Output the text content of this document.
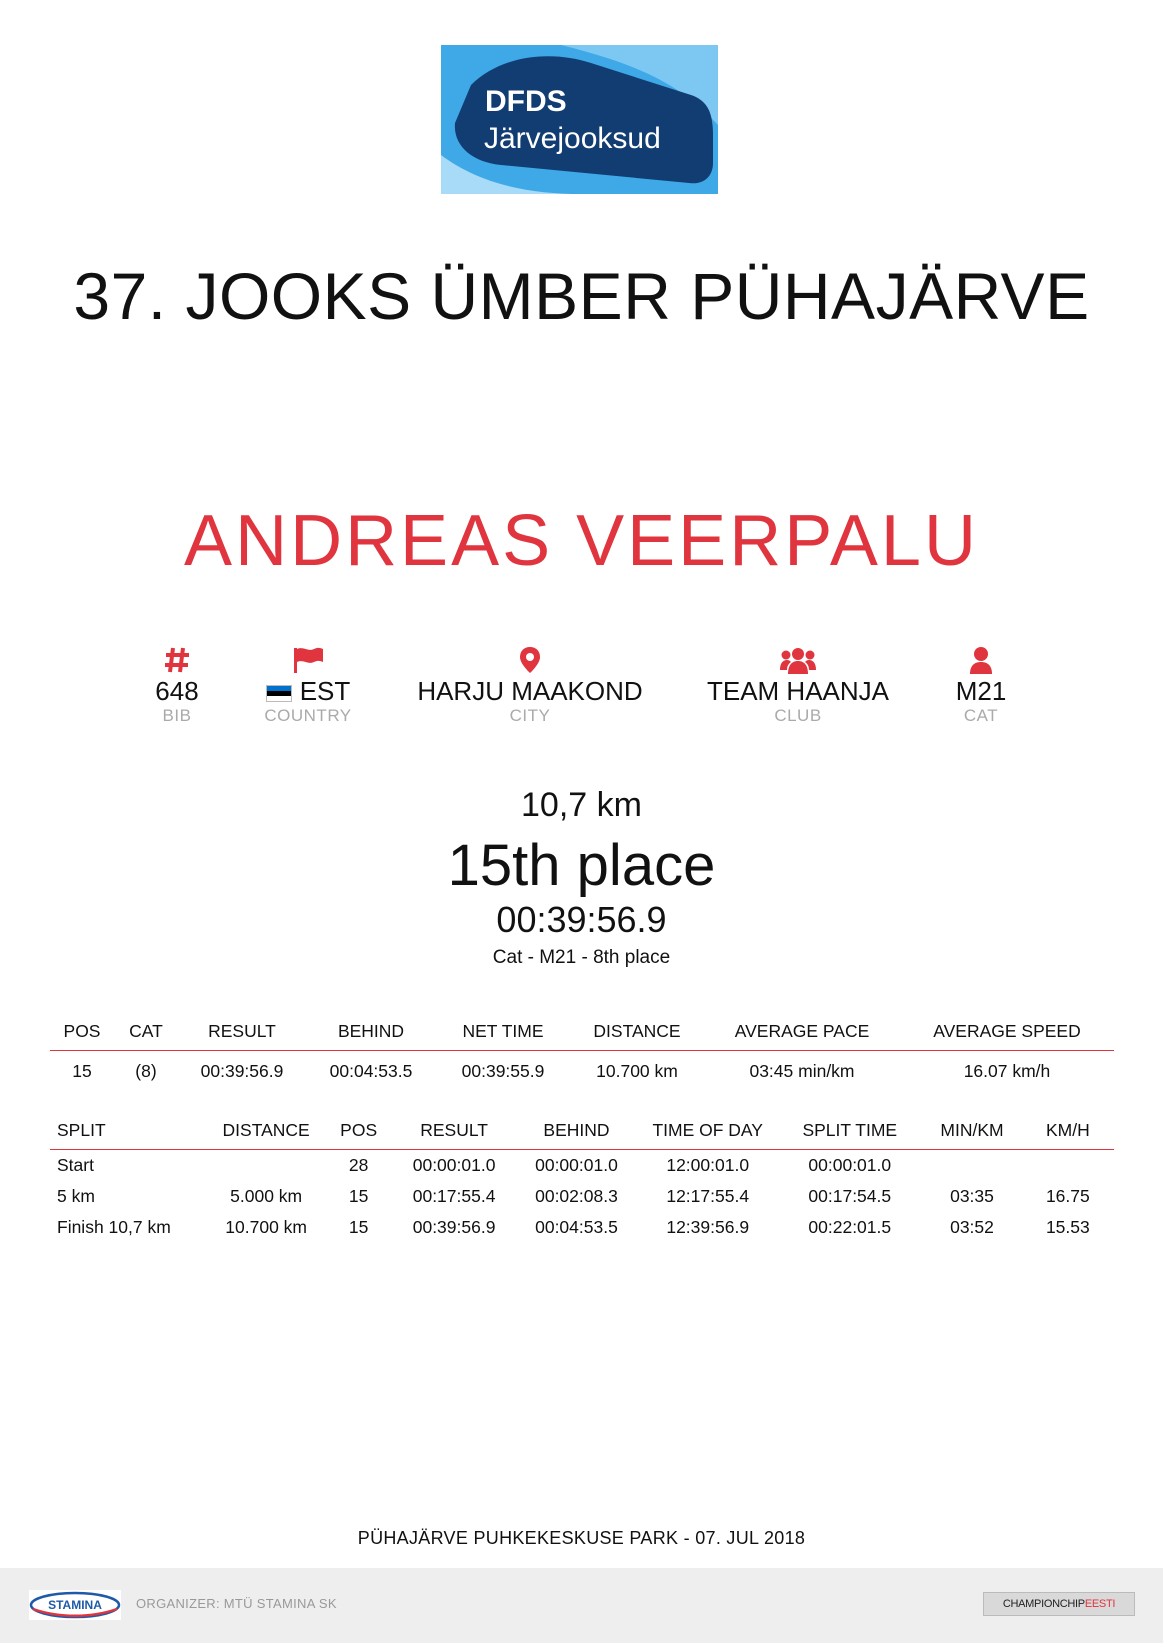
DFDS
Järvejooksud
37. JOOKS ÜMBER PÜHAJÄRVE
ANDREAS VEERPALU
648
BIB
EST
COUNTRY
HARJU MAAKOND
CITY
TEAM HAANJA
CLUB
M21
CAT
10,7 km
15th place
00:39:56.9
Cat - M21 - 8th place
POS	CAT	RESULT	BEHIND	NET TIME	DISTANCE	AVERAGE PACE	AVERAGE SPEED
15	(8)	00:39:56.9	00:04:53.5	00:39:55.9	10.700 km	03:45 min/km	16.07 km/h
SPLIT	DISTANCE	POS	RESULT	BEHIND	TIME OF DAY	SPLIT TIME	MIN/KM	KM/H
Start		28	00:00:01.0	00:00:01.0	12:00:01.0	00:00:01.0		
5 km	5.000 km	15	00:17:55.4	00:02:08.3	12:17:55.4	00:17:54.5	03:35	16.75
Finish 10,7 km	10.700 km	15	00:39:56.9	00:04:53.5	12:39:56.9	00:22:01.5	03:52	15.53
PÜHAJÄRVE PUHKEKESKUSE PARK - 07. JUL 2018
STAMINA	ORGANIZER: MTÜ STAMINA SK	CHAMPIONCHIPEESTI
